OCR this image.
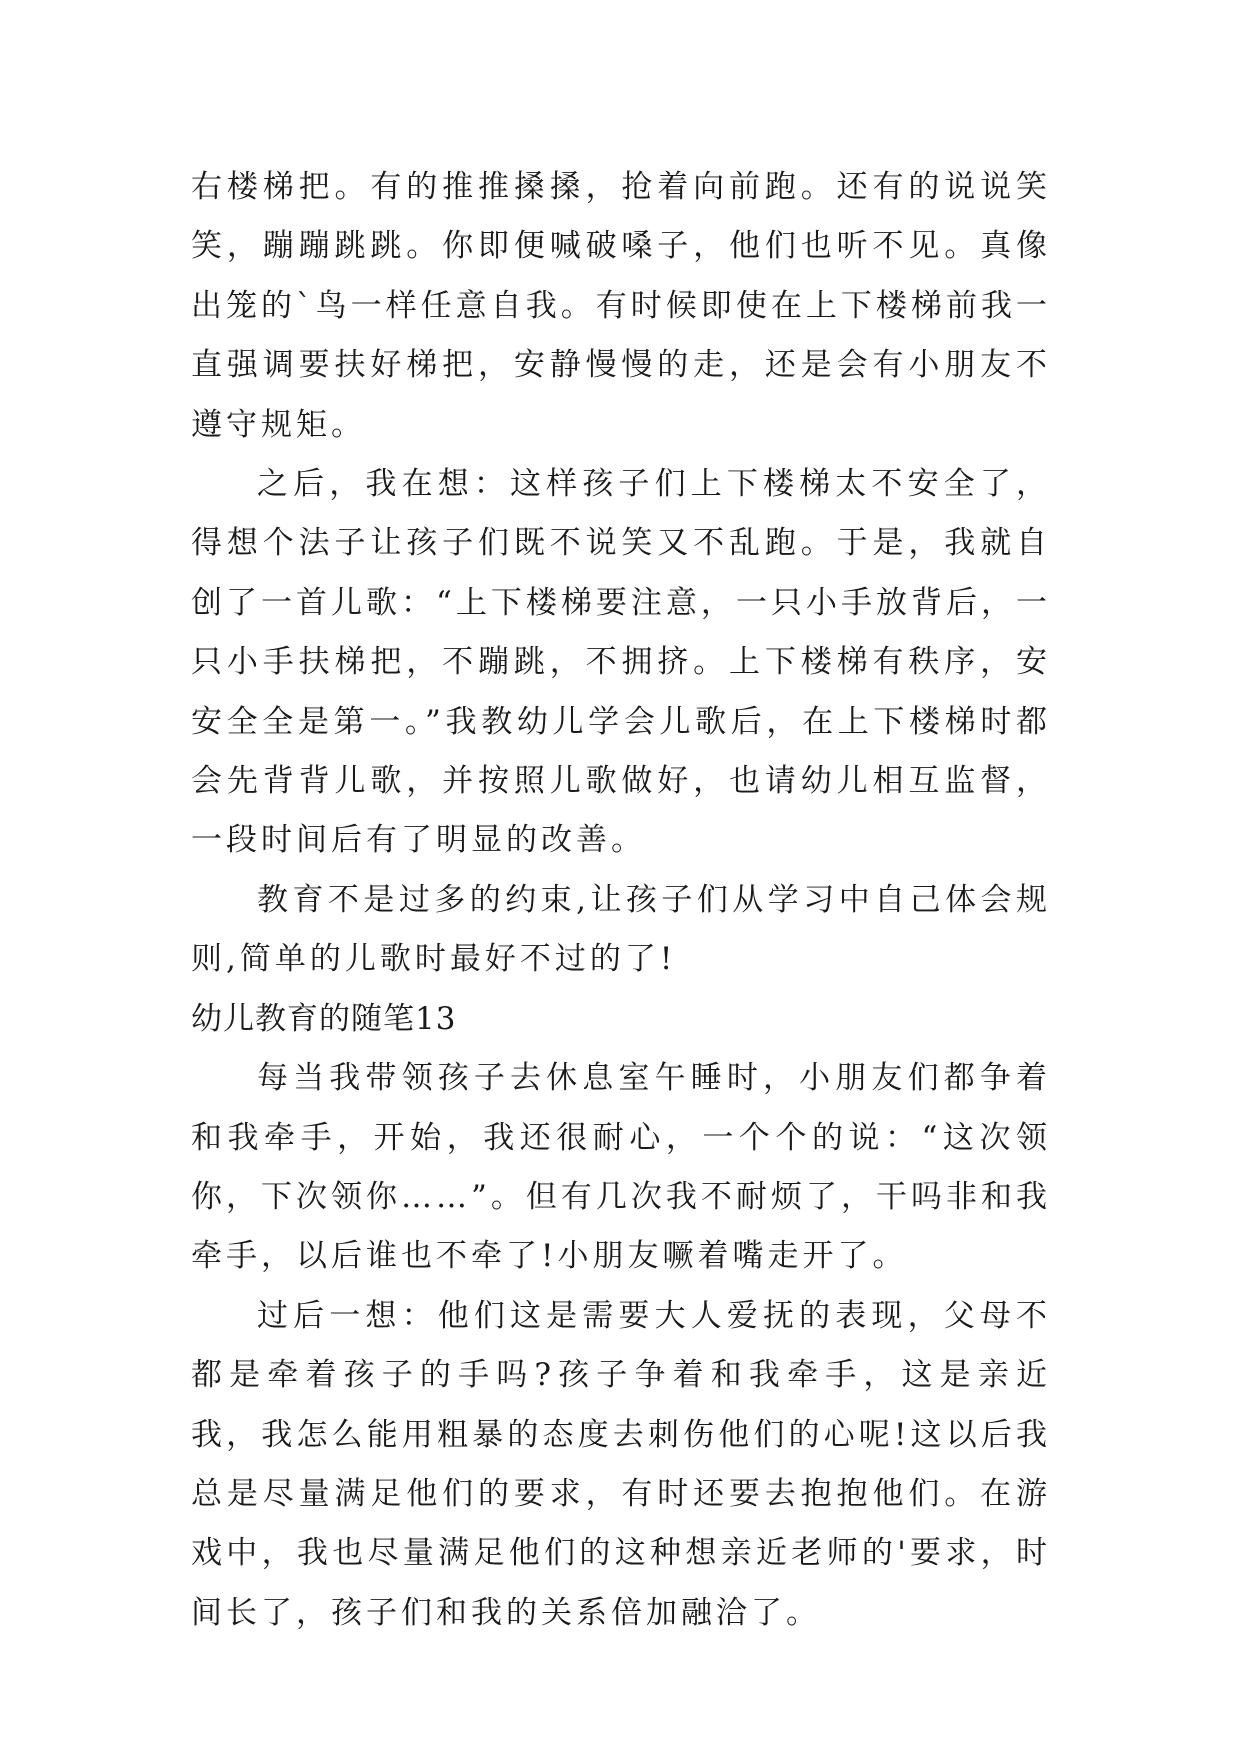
右楼梯把。有的推推搡搡，抢着向前跑。还有的说说笑笑，蹦蹦跳跳。你即便喊破嗓子，他们也听不见。真像出笼的`鸟一样任意自我。有时候即使在上下楼梯前我一直强调要扶好梯把，安静慢慢的走，还是会有小朋友不遵守规矩。

之后，我在想：这样孩子们上下楼梯太不安全了，得想个法子让孩子们既不说笑又不乱跑。于是，我就自创了一首儿歌：“上下楼梯要注意，一只小手放背后，一只小手扶梯把，不蹦跳，不拥挤。上下楼梯有秩序，安安全全是第一。”我教幼儿学会儿歌后，在上下楼梯时都会先背背儿歌，并按照儿歌做好，也请幼儿相互监督，一段时间后有了明显的改善。

教育不是过多的约束,让孩子们从学习中自己体会规则,简单的儿歌时最好不过的了!

幼儿教育的随笔13

每当我带领孩子去休息室午睡时，小朋友们都争着和我牵手，开始，我还很耐心，一个个的说：“这次领你，下次领你……”。但有几次我不耐烦了，干吗非和我牵手，以后谁也不牵了!小朋友噘着嘴走开了。

过后一想：他们这是需要大人爱抚的表现，父母不都是牵着孩子的手吗?孩子争着和我牵手，这是亲近我，我怎么能用粗暴的态度去刺伤他们的心呢!这以后我总是尽量满足他们的要求，有时还要去抱抱他们。在游戏中，我也尽量满足他们的这种想亲近老师的'要求，时间长了，孩子们和我的关系倍加融洽了。
